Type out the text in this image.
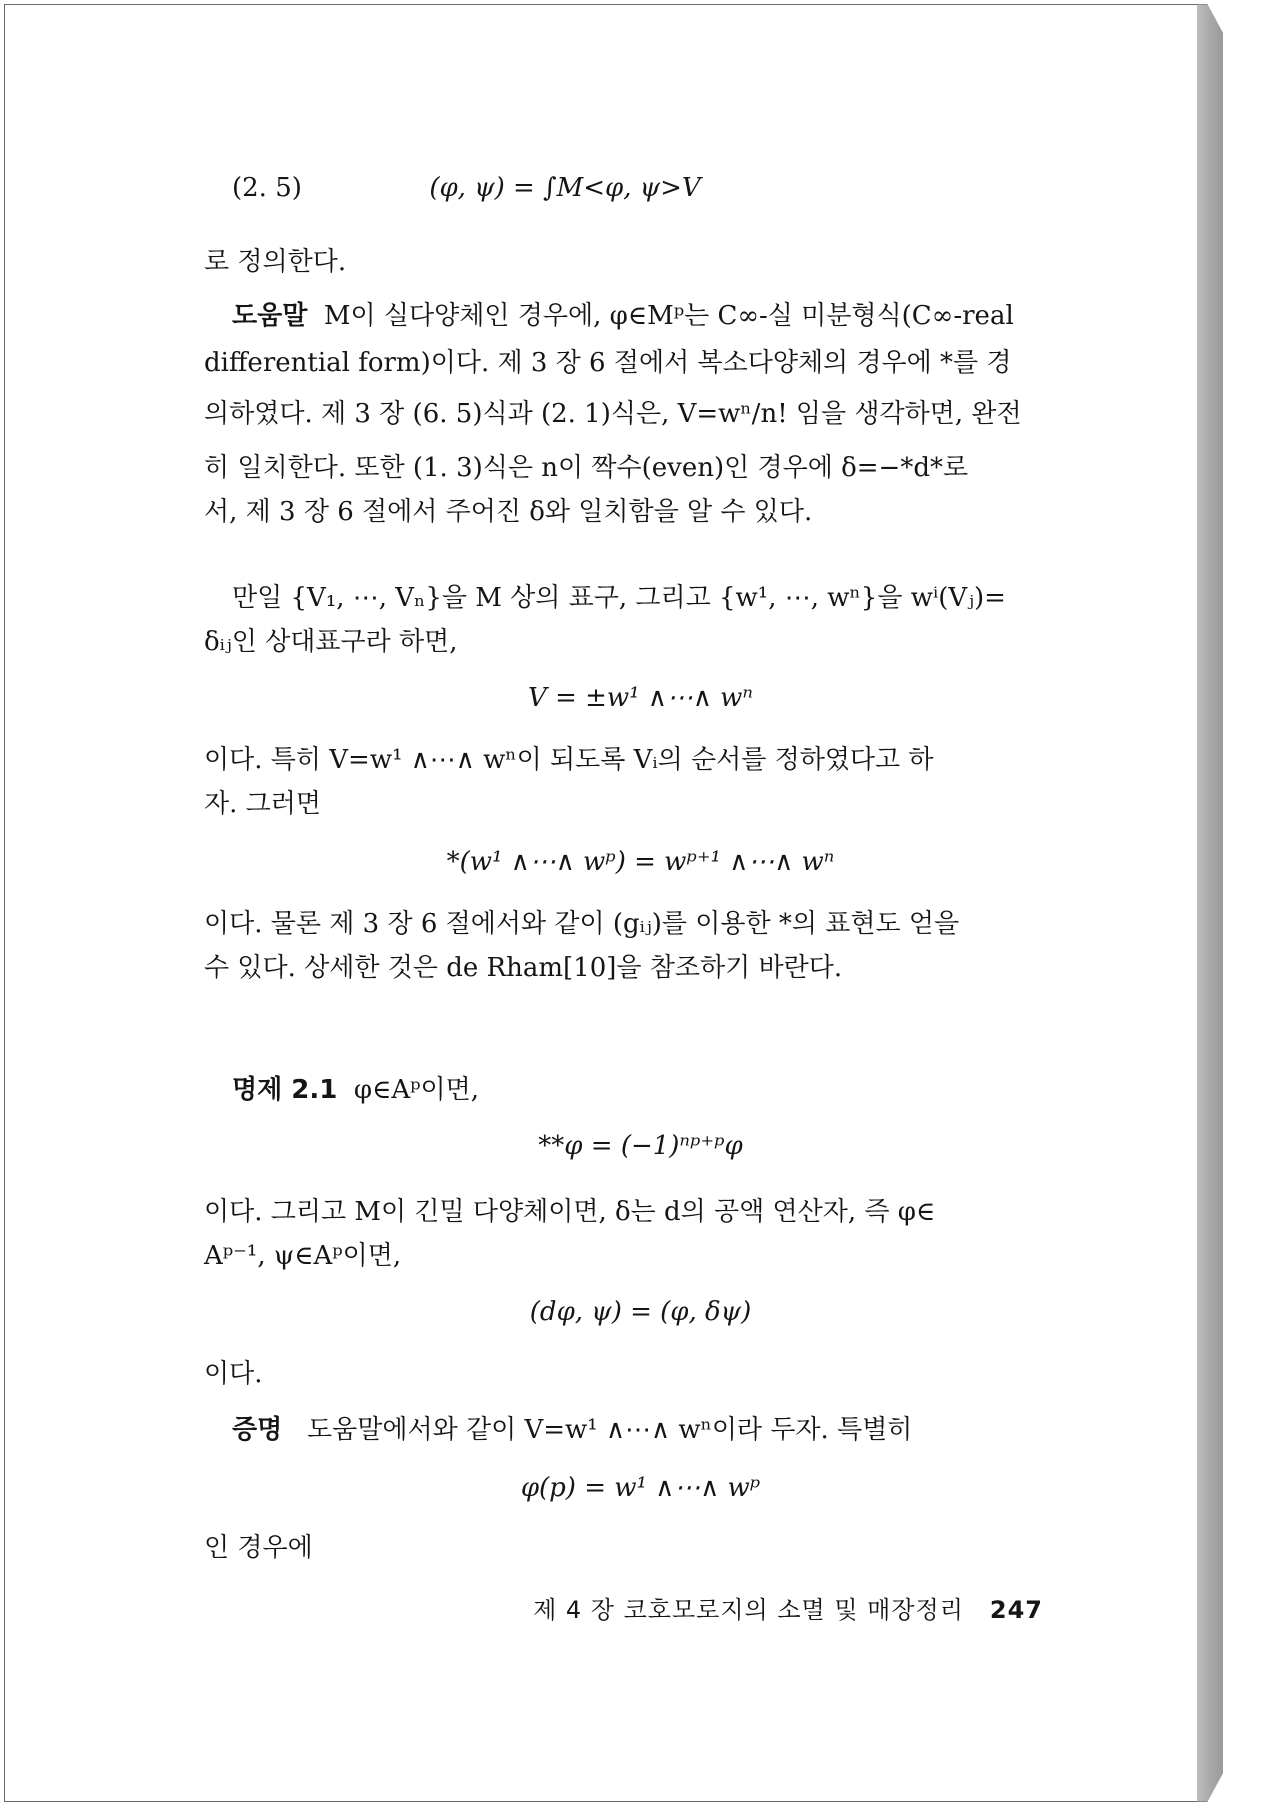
(2. 5)	(φ, ψ) = ∫M<φ, ψ>V
로 정의한다.
도움말 M이 실다양체인 경우에, φ∈Mᵖ는 C∞-실 미분형식(C∞-real
differential form)이다. 제 3 장 6 절에서 복소다양체의 경우에 *를 경
의하였다. 제 3 장 (6. 5)식과 (2. 1)식은, V=wⁿ/n! 임을 생각하면, 완전
히 일치한다. 또한 (1. 3)식은 n이 짝수(even)인 경우에 δ=−*d*로
서, 제 3 장 6 절에서 주어진 δ와 일치함을 알 수 있다.
만일 {V₁, ⋯, Vₙ}을 M 상의 표구, 그리고 {w¹, ⋯, wⁿ}을 wⁱ(Vⱼ)=
δᵢⱼ인 상대표구라 하면,
V = ±w¹ ∧⋯∧ wⁿ
이다. 특히 V=w¹ ∧⋯∧ wⁿ이 되도록 Vᵢ의 순서를 정하였다고 하
자. 그러면
*(w¹ ∧⋯∧ wᵖ) = wᵖ⁺¹ ∧⋯∧ wⁿ
이다. 물론 제 3 장 6 절에서와 같이 (gᵢⱼ)를 이용한 *의 표현도 얻을
수 있다. 상세한 것은 de Rham[10]을 참조하기 바란다.
명제 2.1 φ∈Aᵖ이면,
**φ = (−1)ⁿᵖ⁺ᵖφ
이다. 그리고 M이 긴밀 다양체이면, δ는 d의 공액 연산자, 즉 φ∈
Aᵖ⁻¹, ψ∈Aᵖ이면,
(dφ, ψ) = (φ, δψ)
이다.
증명 도움말에서와 같이 V=w¹ ∧⋯∧ wⁿ이라 두자. 특별히
φ(p) = w¹ ∧⋯∧ wᵖ
인 경우에
제 4 장 코호모로지의 소멸 및 매장정리 247
